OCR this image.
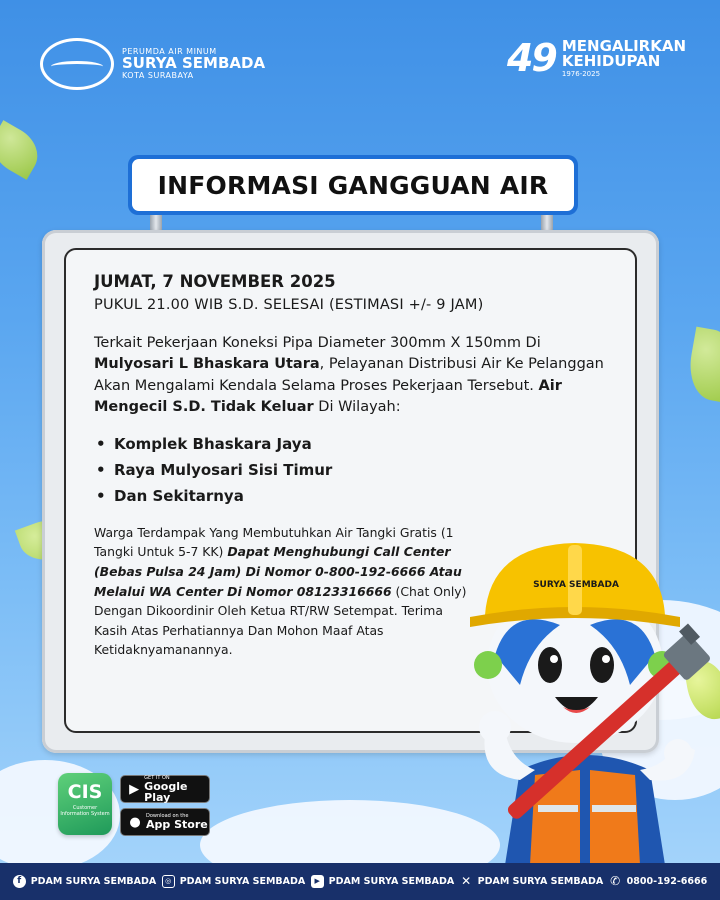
PERUMDA AIR MINUM
SURYA SEMBADA
KOTA SURABAYA	49 MENGALIRKAN
KEHIDUPAN
1976-2025
INFORMASI GANGGUAN AIR

JUMAT, 7 NOVEMBER 2025

PUKUL 21.00 WIB S.D. SELESAI (ESTIMASI +/- 9 JAM)

Terkait Pekerjaan Koneksi Pipa Diameter 300mm X 150mm Di Mulyosari L Bhaskara Utara, Pelayanan Distribusi Air Ke Pelanggan Akan Mengalami Kendala Selama Proses Pekerjaan Tersebut. Air Mengecil S.D. Tidak Keluar Di Wilayah:

• Komplek Bhaskara Jaya
• Raya Mulyosari Sisi Timur
• Dan Sekitarnya

Warga Terdampak Yang Membutuhkan Air Tangki Gratis (1 Tangki Untuk 5-7 KK) Dapat Menghubungi Call Center (Bebas Pulsa 24 Jam) Di Nomor 0-800-192-6666 Atau Melalui WA Center Di Nomor 08123316666 (Chat Only) Dengan Dikoordinir Oleh Ketua RT/RW Setempat. Terima Kasih Atas Perhatiannya Dan Mohon Maaf Atas Ketidaknyamanannya.

SURYA SEMBADA
CIS
Customer Information System
▶
GET IT ON
Google Play
●	Download on the
App Store
f	PDAM SURYA SEMBADA	◎ PDAM SURYA SEMBADA	▶ PDAM SURYA SEMBADA ✕ PDAM SURYA SEMBADA ✆ 0800-192-6666
